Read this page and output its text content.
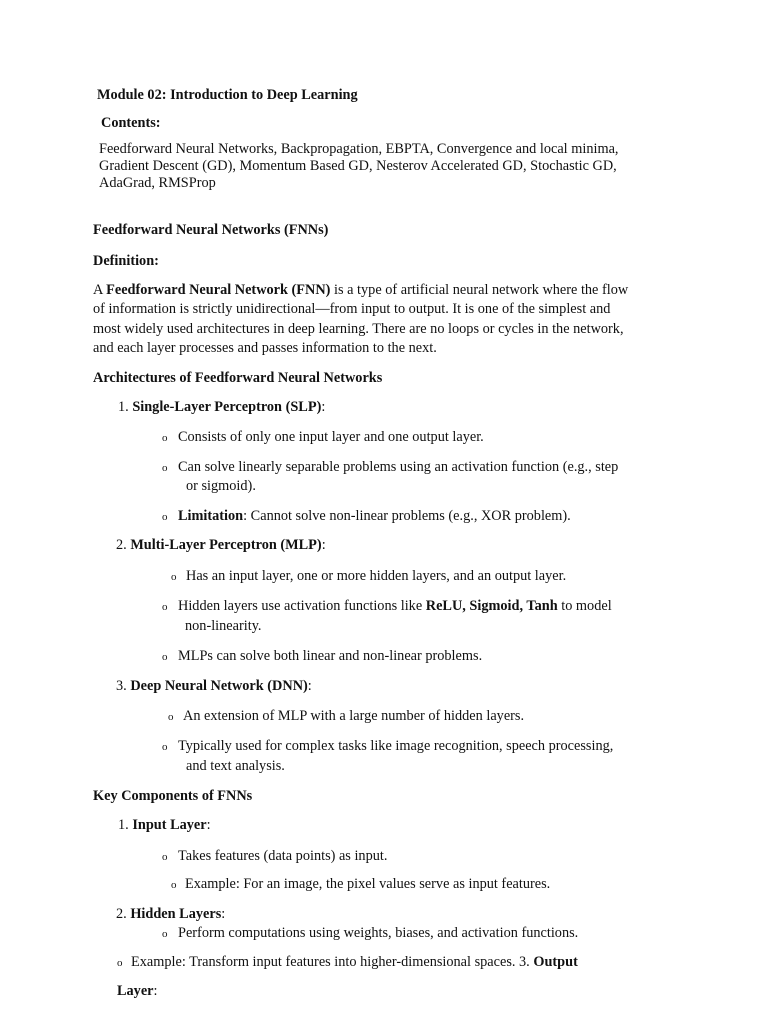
Module 02: Introduction to Deep Learning
Contents:
Feedforward Neural Networks, Backpropagation, EBPTA, Convergence and local minima,
Gradient Descent (GD), Momentum Based GD, Nesterov Accelerated GD, Stochastic GD,
AdaGrad, RMSProp
Feedforward Neural Networks (FNNs)
Definition:
A Feedforward Neural Network (FNN) is a type of artificial neural network where the flow
of information is strictly unidirectional—from input to output. It is one of the simplest and
most widely used architectures in deep learning. There are no loops or cycles in the network,
and each layer processes and passes information to the next.
Architectures of Feedforward Neural Networks
1. Single-Layer Perceptron (SLP):
o Consists of only one input layer and one output layer.
o Can solve linearly separable problems using an activation function (e.g., step
or sigmoid).
o Limitation: Cannot solve non-linear problems (e.g., XOR problem).
2. Multi-Layer Perceptron (MLP):
o Has an input layer, one or more hidden layers, and an output layer.
o Hidden layers use activation functions like ReLU, Sigmoid, Tanh to model
non-linearity.
o MLPs can solve both linear and non-linear problems.
3. Deep Neural Network (DNN):
o An extension of MLP with a large number of hidden layers.
o Typically used for complex tasks like image recognition, speech processing,
and text analysis.
Key Components of FNNs
1. Input Layer:
o Takes features (data points) as input.
o Example: For an image, the pixel values serve as input features.
2. Hidden Layers:
o Perform computations using weights, biases, and activation functions.
o Example: Transform input features into higher-dimensional spaces. 3. Output
Layer:
